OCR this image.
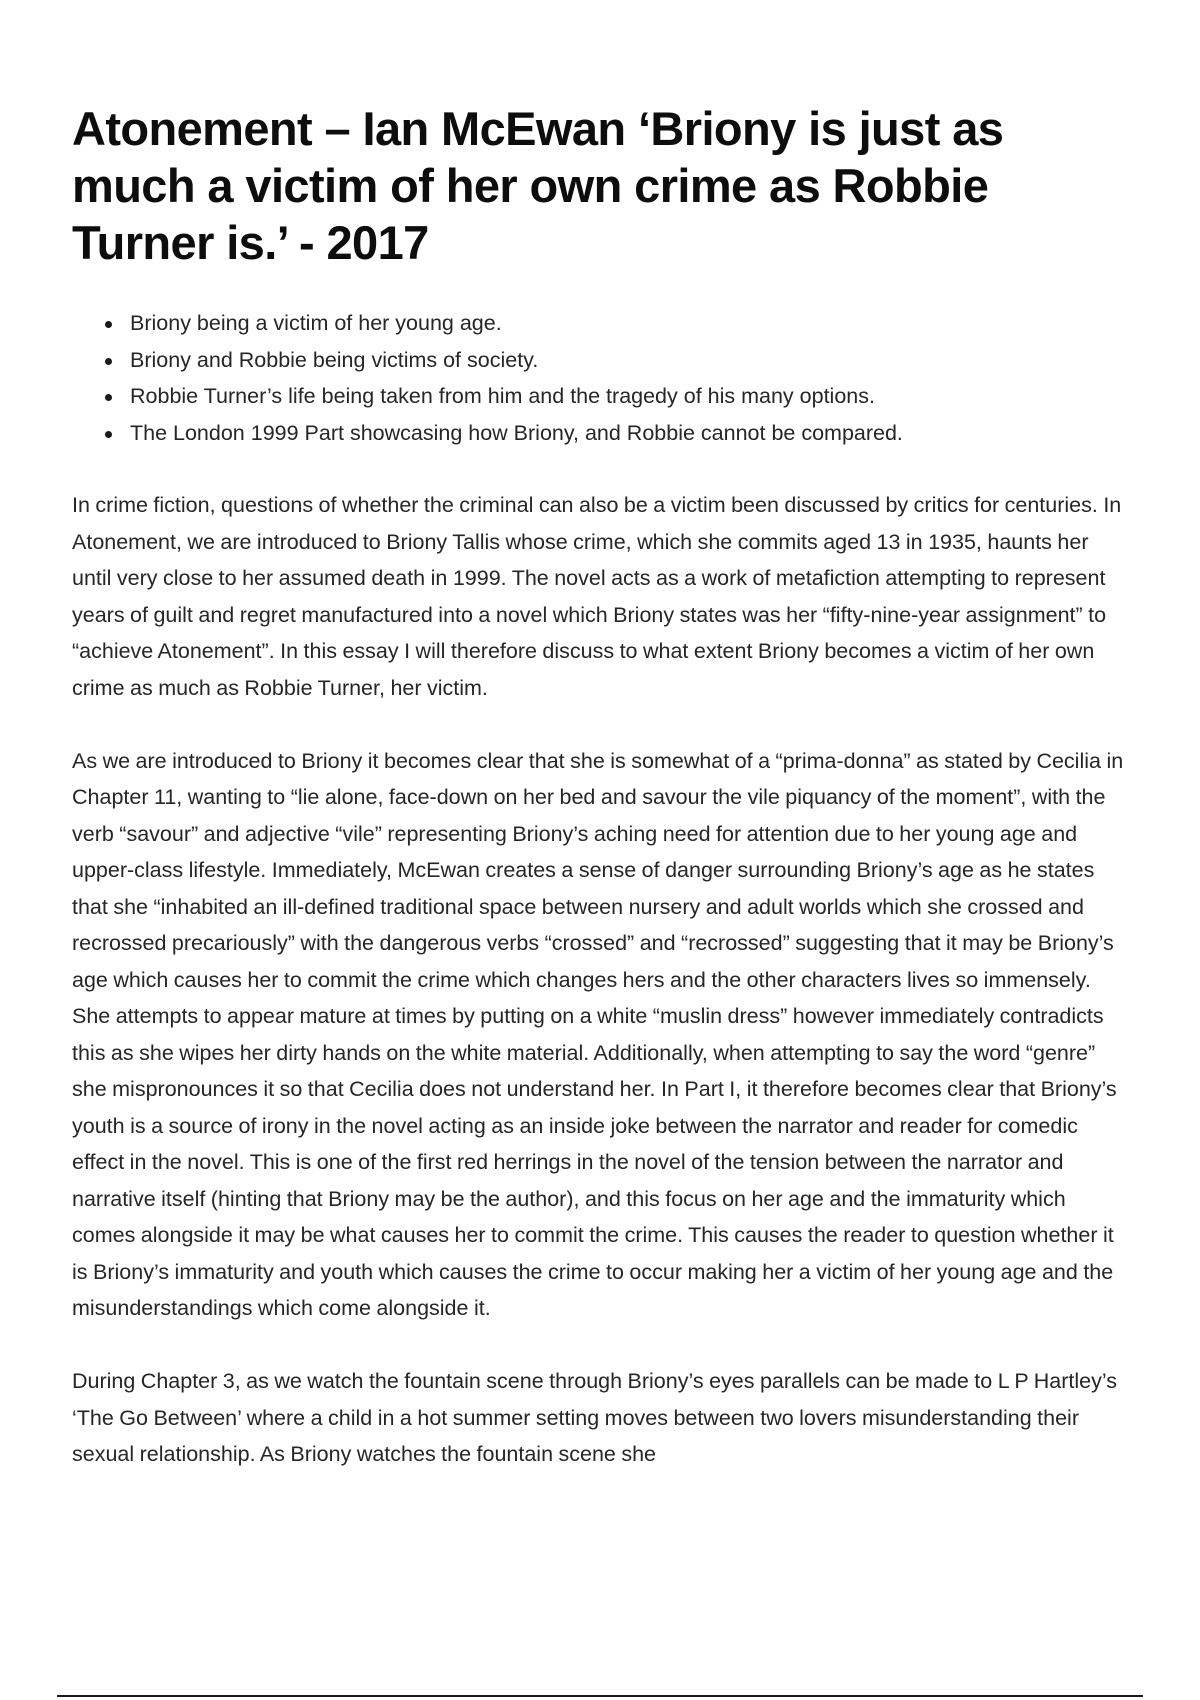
Atonement – Ian McEwan ‘Briony is just as much a victim of her own crime as Robbie Turner is.’ - 2017
Briony being a victim of her young age.
Briony and Robbie being victims of society.
Robbie Turner’s life being taken from him and the tragedy of his many options.
The London 1999 Part showcasing how Briony, and Robbie cannot be compared.

In crime fiction, questions of whether the criminal can also be a victim been discussed by critics for centuries. In Atonement, we are introduced to Briony Tallis whose crime, which she commits aged 13 in 1935, haunts her until very close to her assumed death in 1999. The novel acts as a work of metafiction attempting to represent years of guilt and regret manufactured into a novel which Briony states was her “fifty-nine-year assignment” to “achieve Atonement”. In this essay I will therefore discuss to what extent Briony becomes a victim of her own crime as much as Robbie Turner, her victim.

As we are introduced to Briony it becomes clear that she is somewhat of a “prima-donna” as stated by Cecilia in Chapter 11, wanting to “lie alone, face-down on her bed and savour the vile piquancy of the moment”, with the verb “savour” and adjective “vile” representing Briony’s aching need for attention due to her young age and upper-class lifestyle. Immediately, McEwan creates a sense of danger surrounding Briony’s age as he states that she “inhabited an ill-defined traditional space between nursery and adult worlds which she crossed and recrossed precariously” with the dangerous verbs “crossed” and “recrossed” suggesting that it may be Briony’s age which causes her to commit the crime which changes hers and the other characters lives so immensely. She attempts to appear mature at times by putting on a white “muslin dress” however immediately contradicts this as she wipes her dirty hands on the white material. Additionally, when attempting to say the word “genre” she mispronounces it so that Cecilia does not understand her. In Part I, it therefore becomes clear that Briony’s youth is a source of irony in the novel acting as an inside joke between the narrator and reader for comedic effect in the novel. This is one of the first red herrings in the novel of the tension between the narrator and narrative itself (hinting that Briony may be the author), and this focus on her age and the immaturity which comes alongside it may be what causes her to commit the crime. This causes the reader to question whether it is Briony’s immaturity and youth which causes the crime to occur making her a victim of her young age and the misunderstandings which come alongside it.

During Chapter 3, as we watch the fountain scene through Briony’s eyes parallels can be made to L P Hartley’s ‘The Go Between’ where a child in a hot summer setting moves between two lovers misunderstanding their sexual relationship. As Briony watches the fountain scene she
